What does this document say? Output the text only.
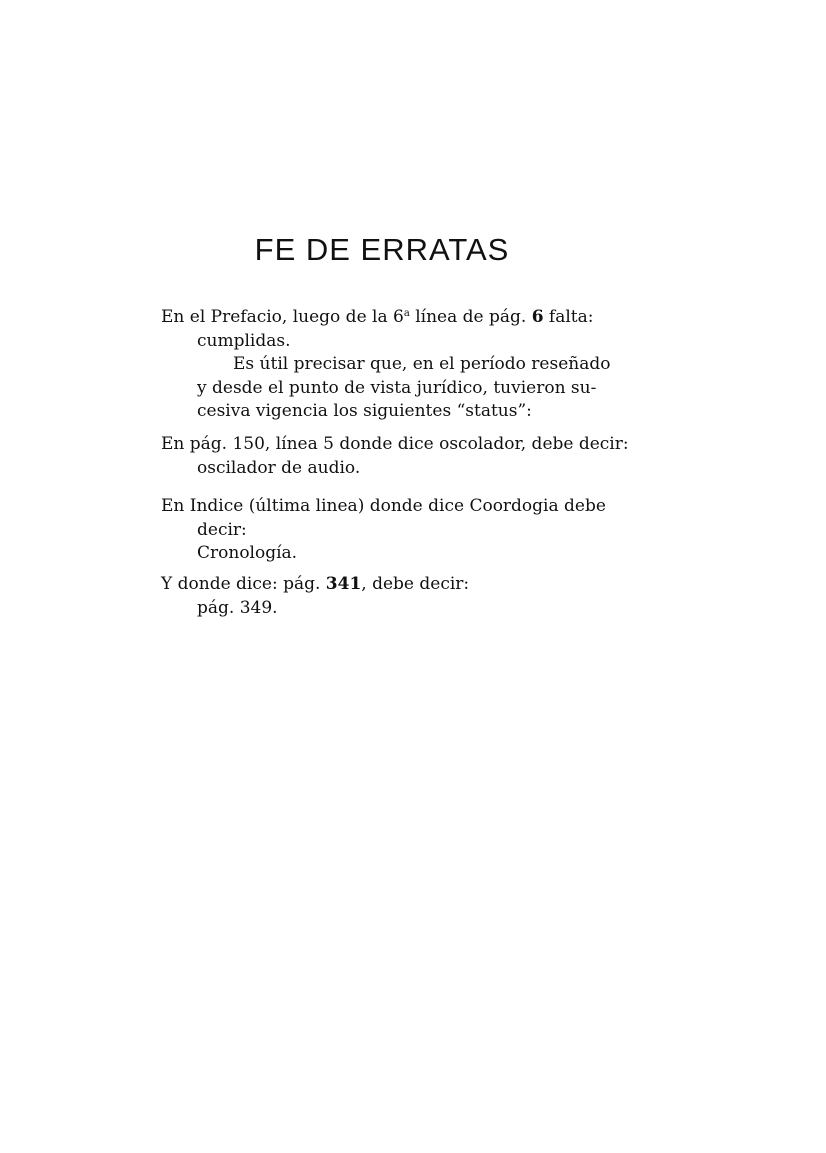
FE DE ERRATAS
En el Prefacio, luego de la 6$^a$ línea de pág. 6 falta:
cumplidas.
Es útil precisar que, en el período reseñado
y desde el punto de vista jurídico, tuvieron su-
cesiva vigencia los siguientes “status”:
En pág. 150, línea 5 donde dice oscolador, debe decir:
oscilador de audio.
En Indice (última linea) donde dice Coordogia debe
decir:
Cronología.
Y donde dice: pág. 341, debe decir:
pág. 349.
